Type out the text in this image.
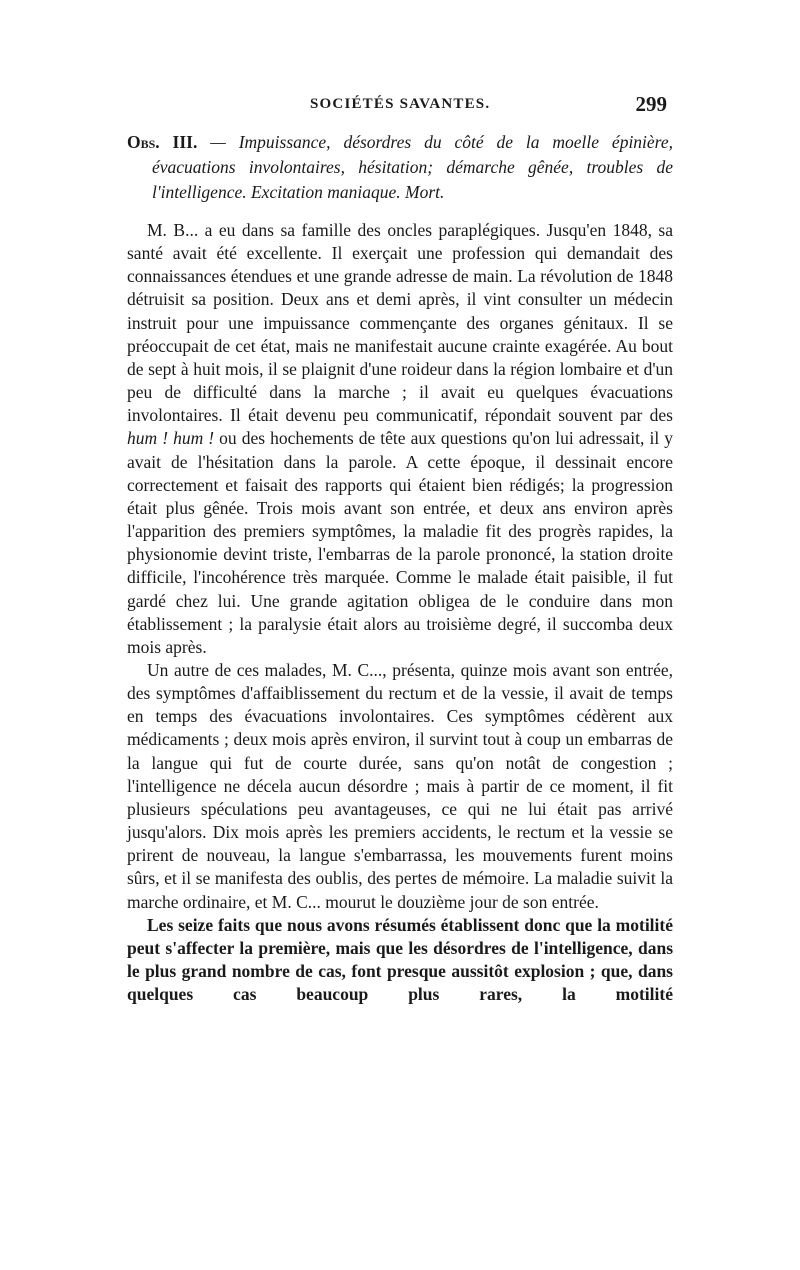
SOCIÉTÉS SAVANTES.	299

Obs. III. — Impuissance, désordres du côté de la moelle épinière, évacuations involontaires, hésitation; démarche gênée, troubles de l'intelligence. Excitation maniaque. Mort.

M. B... a eu dans sa famille des oncles paraplégiques. Jusqu'en 1848, sa santé avait été excellente. Il exerçait une profession qui demandait des connaissances étendues et une grande adresse de main. La révolution de 1848 détruisit sa position. Deux ans et demi après, il vint consulter un médecin instruit pour une impuissance commençante des organes génitaux. Il se préoccupait de cet état, mais ne manifestait aucune crainte exagérée. Au bout de sept à huit mois, il se plaignit d'une roideur dans la région lombaire et d'un peu de difficulté dans la marche ; il avait eu quelques évacuations involontaires. Il était devenu peu communicatif, répondait souvent par des hum ! hum ! ou des hochements de tête aux questions qu'on lui adressait, il y avait de l'hésitation dans la parole. A cette époque, il dessinait encore correctement et faisait des rapports qui étaient bien rédigés; la progression était plus gênée. Trois mois avant son entrée, et deux ans environ après l'apparition des premiers symptômes, la maladie fit des progrès rapides, la physionomie devint triste, l'embarras de la parole prononcé, la station droite difficile, l'incohérence très marquée. Comme le malade était paisible, il fut gardé chez lui. Une grande agitation obligea de le conduire dans mon établissement ; la paralysie était alors au troisième degré, il succomba deux mois après.

Un autre de ces malades, M. C..., présenta, quinze mois avant son entrée, des symptômes d'affaiblissement du rectum et de la vessie, il avait de temps en temps des évacuations involontaires. Ces symptômes cédèrent aux médicaments ; deux mois après environ, il survint tout à coup un embarras de la langue qui fut de courte durée, sans qu'on notât de congestion ; l'intelligence ne décela aucun désordre ; mais à partir de ce moment, il fit plusieurs spéculations peu avantageuses, ce qui ne lui était pas arrivé jusqu'alors. Dix mois après les premiers accidents, le rectum et la vessie se prirent de nouveau, la langue s'embarrassa, les mouvements furent moins sûrs, et il se manifesta des oublis, des pertes de mémoire. La maladie suivit la marche ordinaire, et M. C... mourut le douzième jour de son entrée.

Les seize faits que nous avons résumés établissent donc que la motilité peut s'affecter la première, mais que les désordres de l'intelligence, dans le plus grand nombre de cas, font presque aussitôt explosion ; que, dans quelques cas beaucoup plus rares, la motilité
